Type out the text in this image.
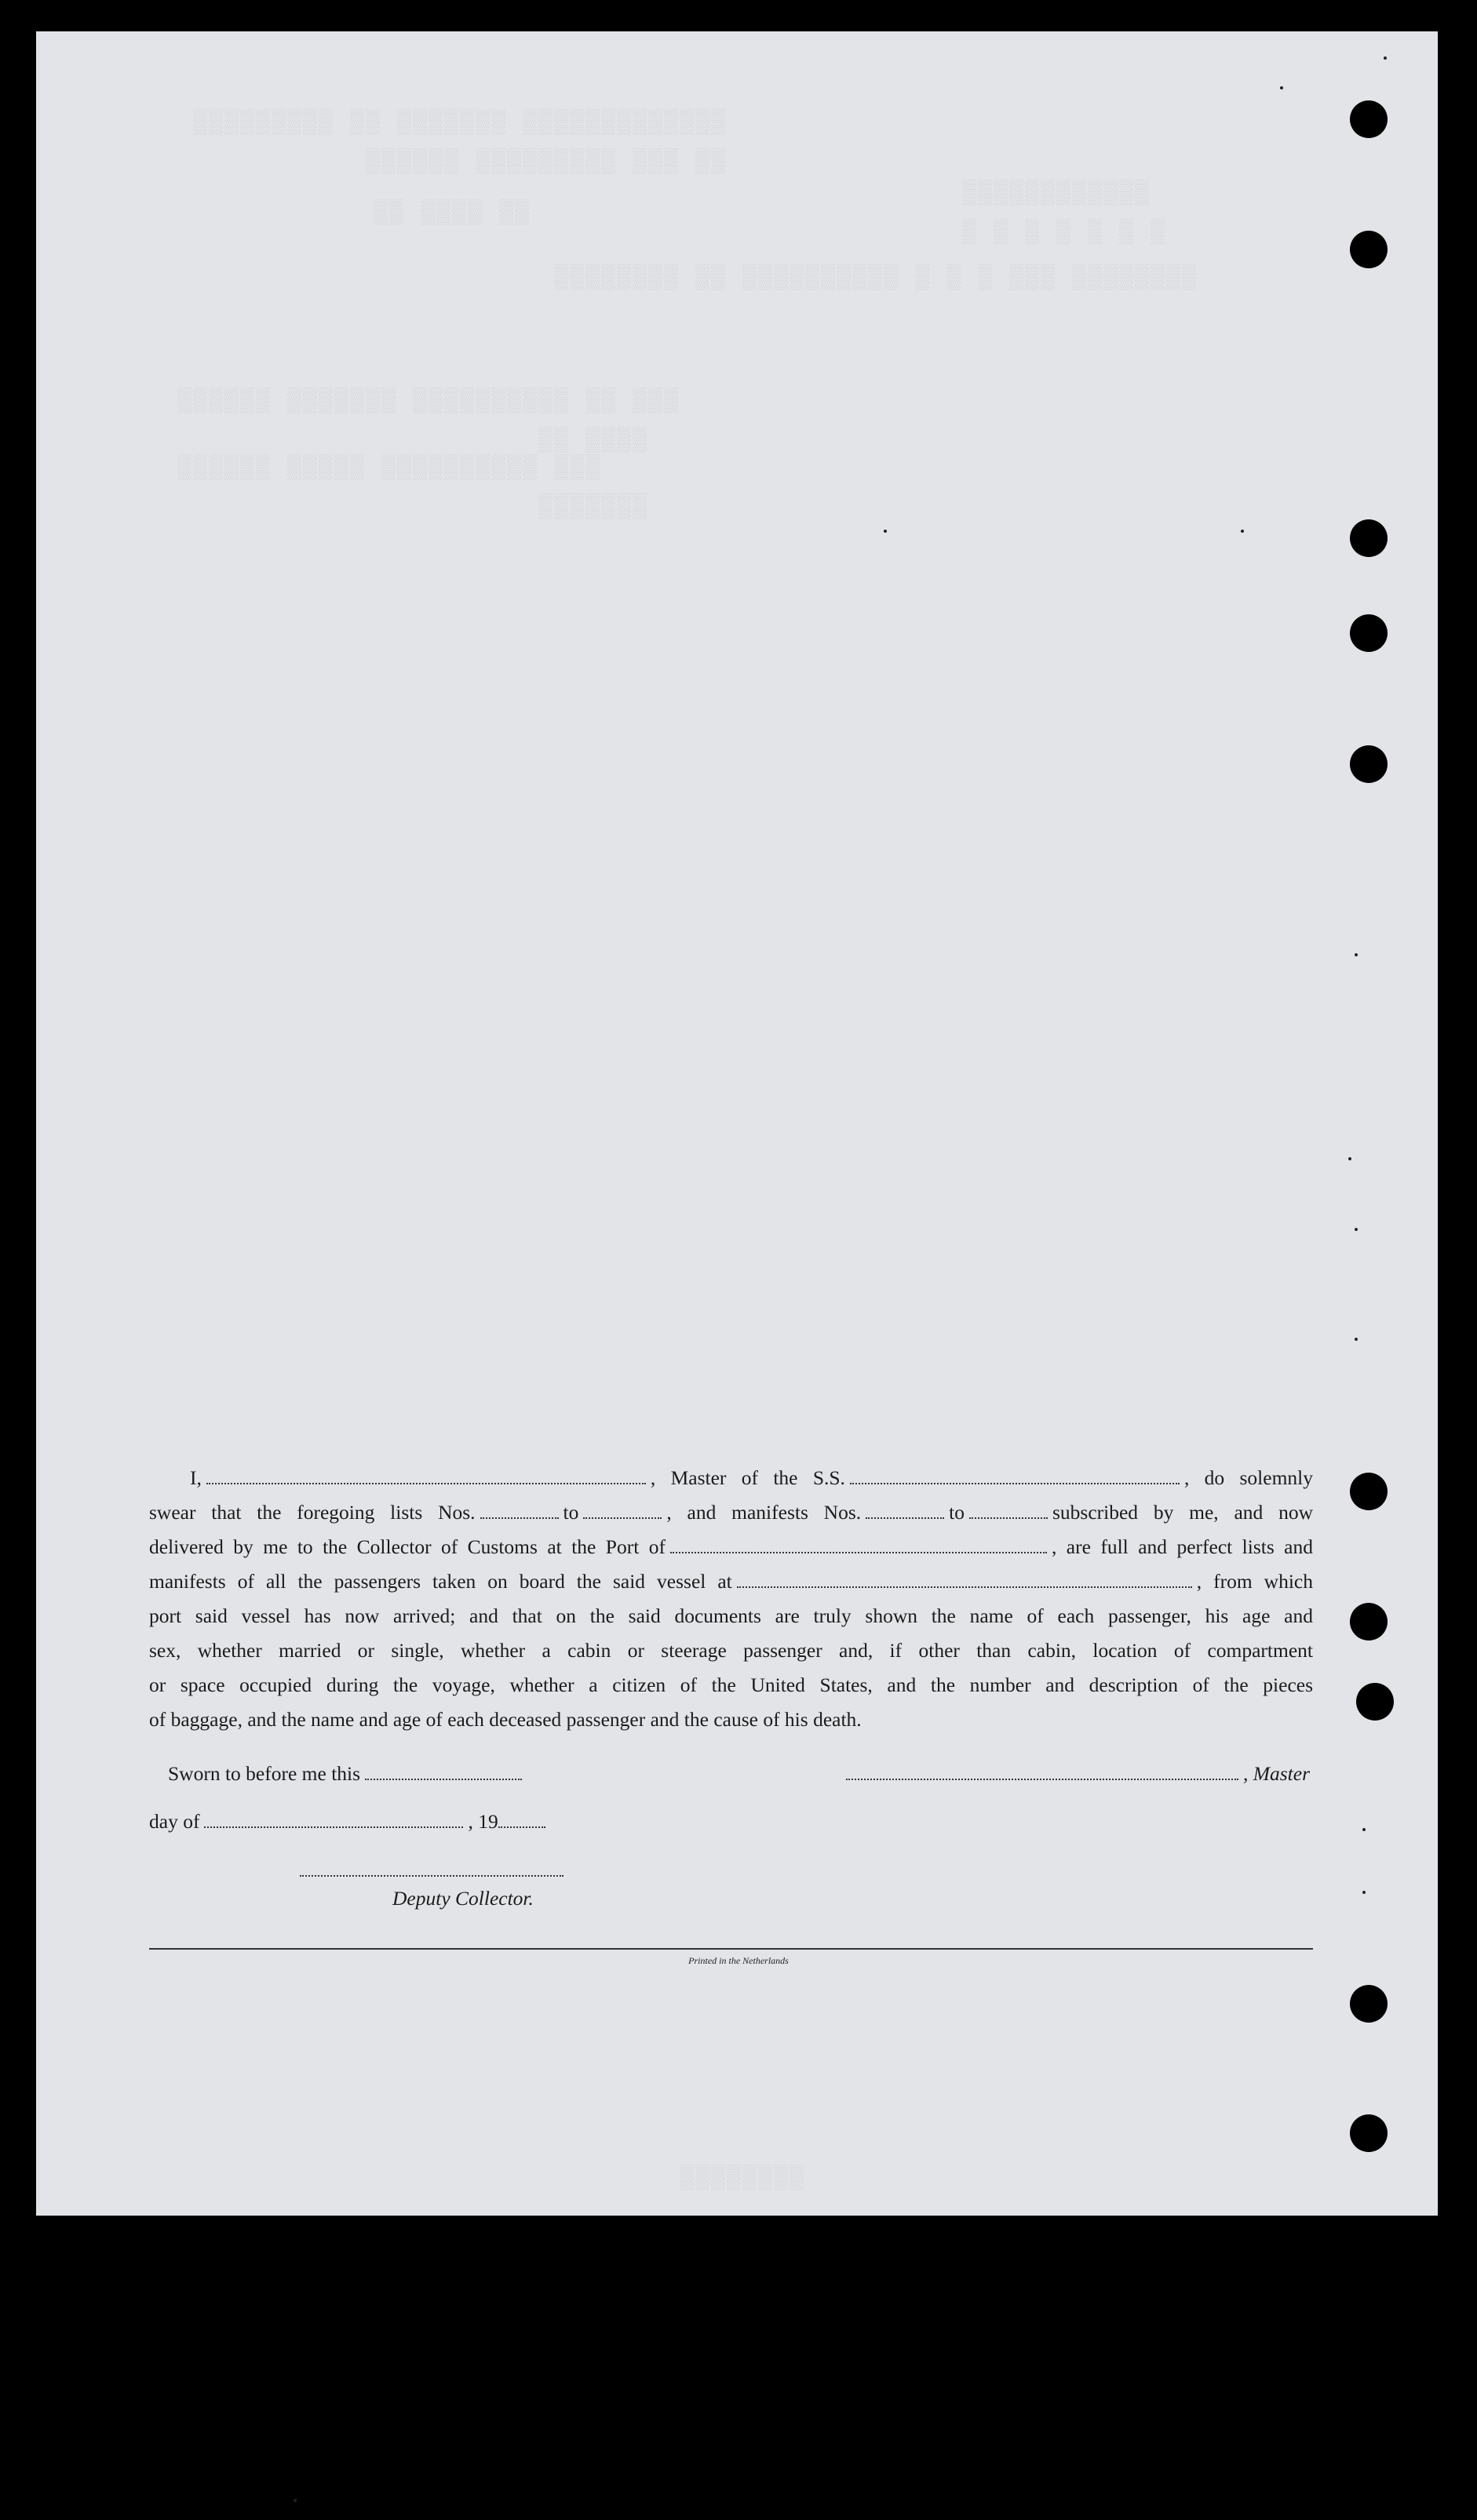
▒▒▒▒▒▒▒▒▒ ▒▒ ▒▒▒▒▒▒▒ ▒▒▒▒▒▒▒▒▒▒▒▒▒
▒▒▒▒▒▒ ▒▒▒▒▒▒▒▒▒ ▒▒▒ ▒▒
▒▒ ▒▒▒▒ ▒▒
▒▒▒▒▒▒▒▒▒▒▒▒
▒ ▒ ▒ ▒ ▒ ▒ ▒
▒▒▒▒▒▒▒▒ ▒▒ ▒▒▒▒▒▒▒▒▒▒ ▒ ▒ ▒ ▒▒▒ ▒▒▒▒▒▒▒▒
▒▒▒▒▒▒ ▒▒▒▒▒▒▒ ▒▒▒▒▒▒▒▒▒▒ ▒▒ ▒▒▒
▒▒ ▒▒▒▒
▒▒▒▒▒▒ ▒▒▒▒▒ ▒▒▒▒▒▒▒▒▒▒ ▒▒▒
▒▒▒▒▒▒▒
▒▒▒▒▒▒▒▒

I,	, Master of the S.S.	, do solemnly

swear that the foregoing lists Nos.	to	, and manifests Nos.	to	subscribed by me, and now

delivered by me to the Collector of Customs at the Port of	, are full and perfect lists and

manifests of all the passengers taken on board the said vessel at	, from which

port said vessel has now arrived; and that on the said documents are truly shown the name of each passenger, his age and

sex, whether married or single, whether a cabin or steerage passenger and, if other than cabin, location of compartment

or space occupied during the voyage, whether a citizen of the United States, and the number and description of the pieces

of baggage, and the name and age of each deceased passenger and the cause of his death.

Sworn to before me this	, Master
day of	, 19
Deputy Collector.
Printed in the Netherlands
